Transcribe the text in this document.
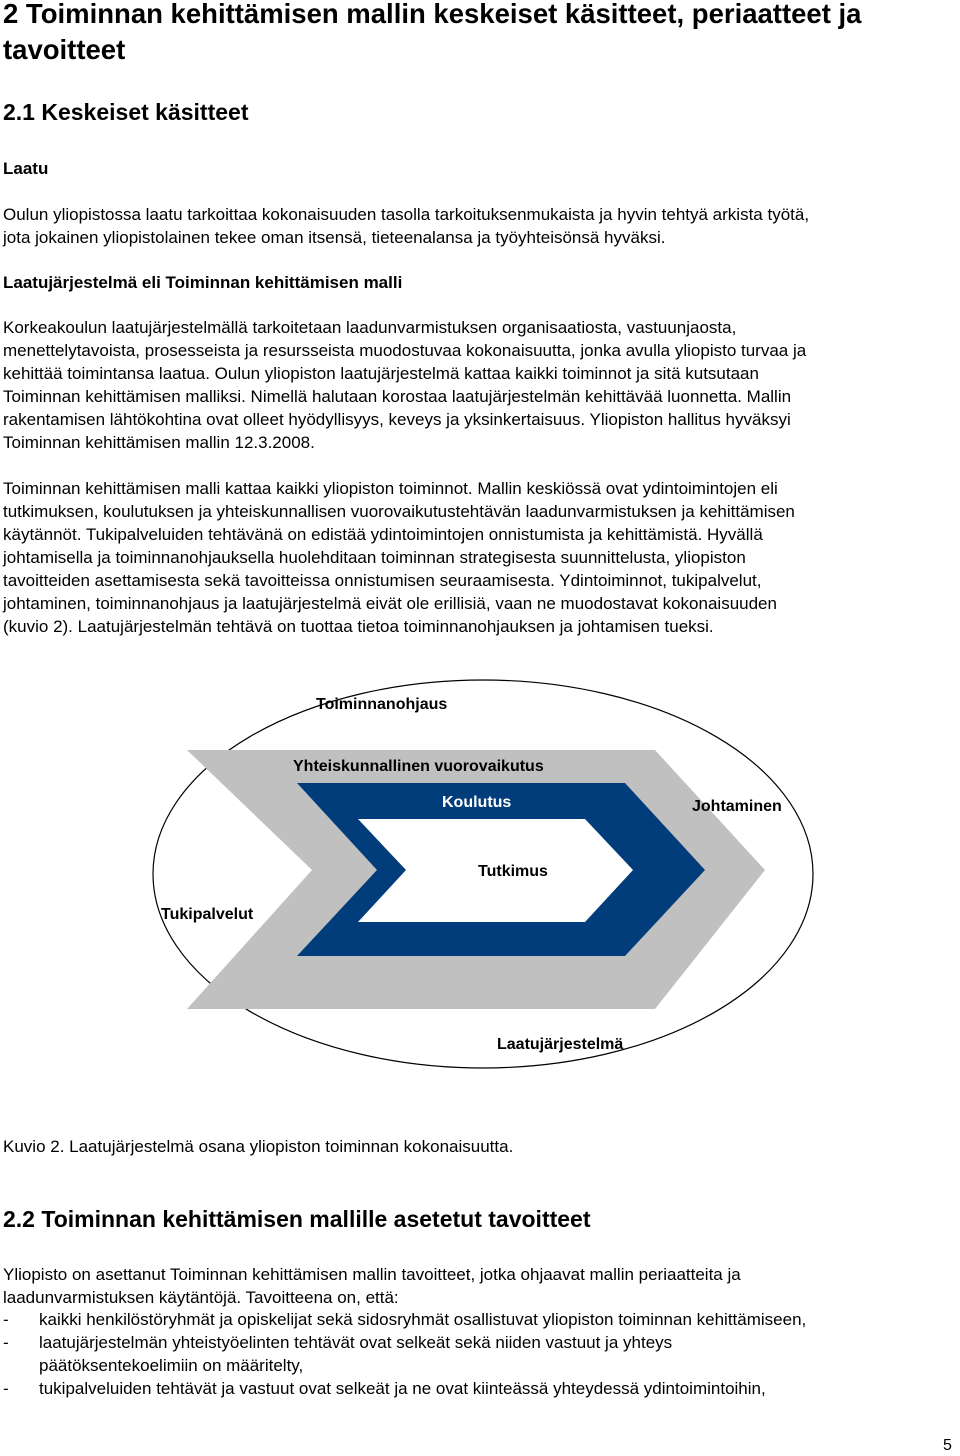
2 Toiminnan kehittämisen mallin keskeiset käsitteet, periaatteet ja tavoitteet
2.1 Keskeiset käsitteet
Laatu

Oulun yliopistossa laatu tarkoittaa kokonaisuuden tasolla tarkoituksenmukaista ja hyvin tehtyä arkista työtä,
jota jokainen yliopistolainen tekee oman itsensä, tieteenalansa ja työyhteisönsä hyväksi.

Laatujärjestelmä eli Toiminnan kehittämisen malli

Korkeakoulun laatujärjestelmällä tarkoitetaan laadunvarmistuksen organisaatiosta, vastuunjaosta,
menettelytavoista, prosesseista ja resursseista muodostuvaa kokonaisuutta, jonka avulla yliopisto turvaa ja
kehittää toimintansa laatua. Oulun yliopiston laatujärjestelmä kattaa kaikki toiminnot ja sitä kutsutaan
Toiminnan kehittämisen malliksi. Nimellä halutaan korostaa laatujärjestelmän kehittävää luonnetta. Mallin
rakentamisen lähtökohtina ovat olleet hyödyllisyys, keveys ja yksinkertaisuus. Yliopiston hallitus hyväksyi
Toiminnan kehittämisen mallin 12.3.2008.

Toiminnan kehittämisen malli kattaa kaikki yliopiston toiminnot. Mallin keskiössä ovat ydintoimintojen eli
tutkimuksen, koulutuksen ja yhteiskunnallisen vuorovaikutustehtävän laadunvarmistuksen ja kehittämisen
käytännöt. Tukipalveluiden tehtävänä on edistää ydintoimintojen onnistumista ja kehittämistä. Hyvällä
johtamisella ja toiminnanohjauksella huolehditaan toiminnan strategisesta suunnittelusta, yliopiston
tavoitteiden asettamisesta sekä tavoitteissa onnistumisen seuraamisesta. Ydintoiminnot, tukipalvelut,
johtaminen, toiminnanohjaus ja laatujärjestelmä eivät ole erillisiä, vaan ne muodostavat kokonaisuuden
(kuvio 2). Laatujärjestelmän tehtävä on tuottaa tietoa toiminnanohjauksen ja johtamisen tueksi.

Toiminnanohjaus
Yhteiskunnallinen vuorovaikutus
Koulutus	Johtaminen
Tutkimus
Tukipalvelut
Laatujärjestelmä
Kuvio 2. Laatujärjestelmä osana yliopiston toiminnan kokonaisuutta.
2.2 Toiminnan kehittämisen mallille asetetut tavoitteet

Yliopisto on asettanut Toiminnan kehittämisen mallin tavoitteet, jotka ohjaavat mallin periaatteita ja
laadunvarmistuksen käytäntöjä. Tavoitteena on, että:

- kaikki henkilöstöryhmät ja opiskelijat sekä sidosryhmät osallistuvat yliopiston toiminnan kehittämiseen,
- laatujärjestelmän yhteistyöelinten tehtävät ovat selkeät sekä niiden vastuut ja yhteys
päätöksentekoelimiin on määritelty,
- tukipalveluiden tehtävät ja vastuut ovat selkeät ja ne ovat kiinteässä yhteydessä ydintoimintoihin,
5
